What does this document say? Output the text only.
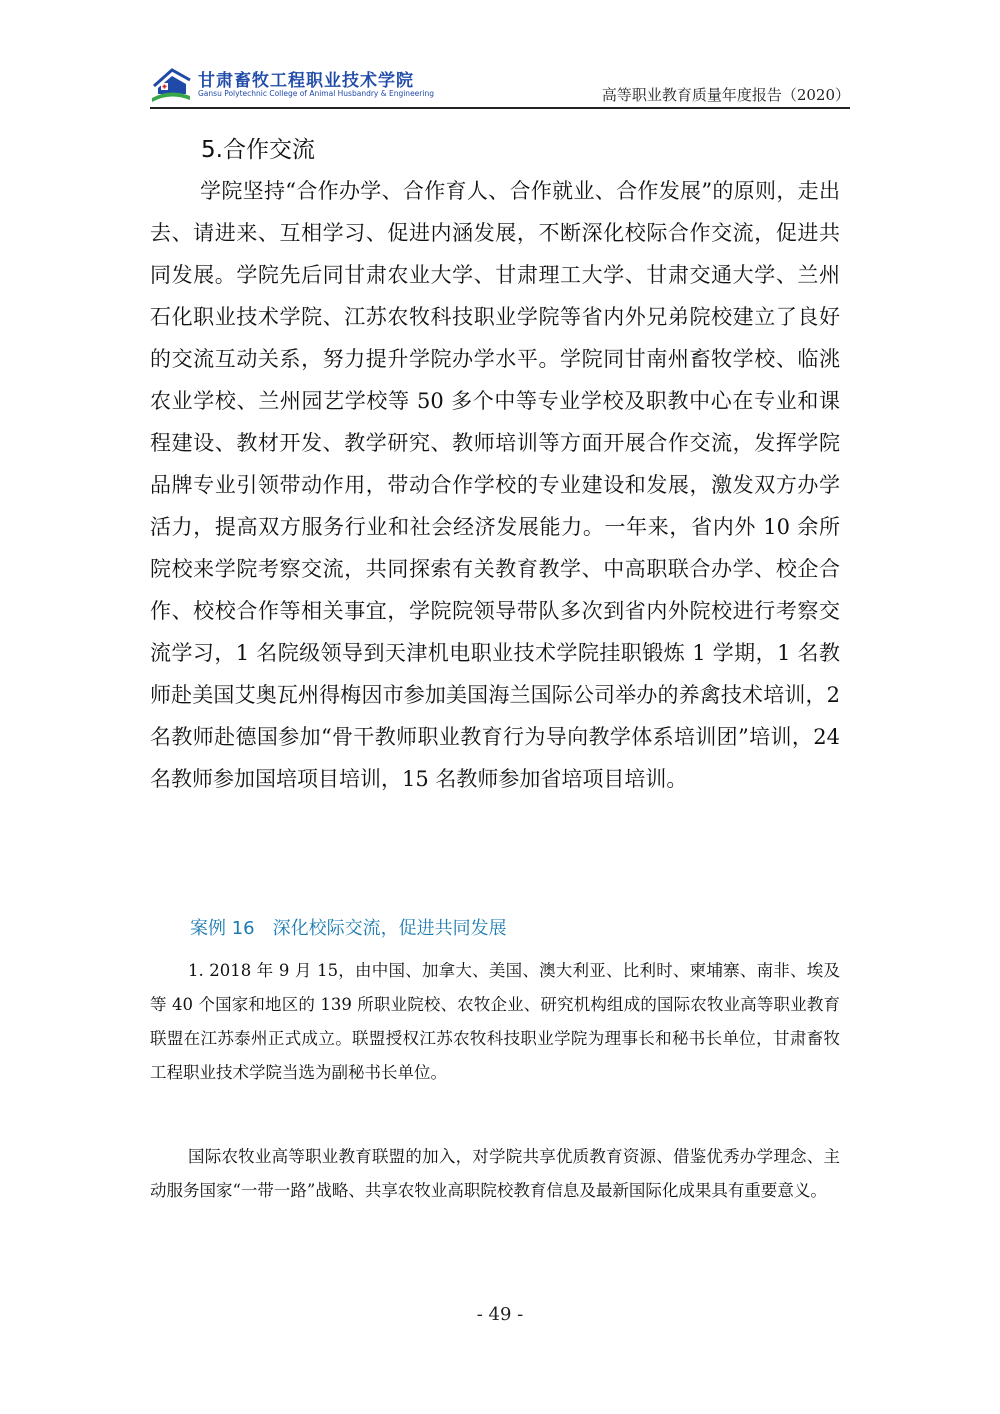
甘肃畜牧工程职业技术学院
Gansu Polytechnic College of Animal Husbandry & Engineering	高等职业教育质量年度报告（2020）
5.合作交流
学院坚持“合作办学、合作育人、合作就业、合作发展”的原则，走出去、请进来、互相学习、促进内涵发展，不断深化校际合作交流，促进共同发展。学院先后同甘肃农业大学、甘肃理工大学、甘肃交通大学、兰州石化职业技术学院、江苏农牧科技职业学院等省内外兄弟院校建立了良好的交流互动关系，努力提升学院办学水平。学院同甘南州畜牧学校、临洮农业学校、兰州园艺学校等 50 多个中等专业学校及职教中心在专业和课程建设、教材开发、教学研究、教师培训等方面开展合作交流，发挥学院品牌专业引领带动作用，带动合作学校的专业建设和发展，激发双方办学活力，提高双方服务行业和社会经济发展能力。一年来，省内外 10 余所院校来学院考察交流，共同探索有关教育教学、中高职联合办学、校企合作、校校合作等相关事宜，学院院领导带队多次到省内外院校进行考察交流学习，1 名院级领导到天津机电职业技术学院挂职锻炼 1 学期，1 名教师赴美国艾奥瓦州得梅因市参加美国海兰国际公司举办的养禽技术培训，2 名教师赴德国参加“骨干教师职业教育行为导向教学体系培训团”培训，24 名教师参加国培项目培训，15 名教师参加省培项目培训。
案例 16　深化校际交流，促进共同发展
1. 2018 年 9 月 15，由中国、加拿大、美国、澳大利亚、比利时、柬埔寨、南非、埃及等 40 个国家和地区的 139 所职业院校、农牧企业、研究机构组成的国际农牧业高等职业教育联盟在江苏泰州正式成立。联盟授权江苏农牧科技职业学院为理事长和秘书长单位，甘肃畜牧工程职业技术学院当选为副秘书长单位。
国际农牧业高等职业教育联盟的加入，对学院共享优质教育资源、借鉴优秀办学理念、主动服务国家“一带一路”战略、共享农牧业高职院校教育信息及最新国际化成果具有重要意义。
- 49 -
